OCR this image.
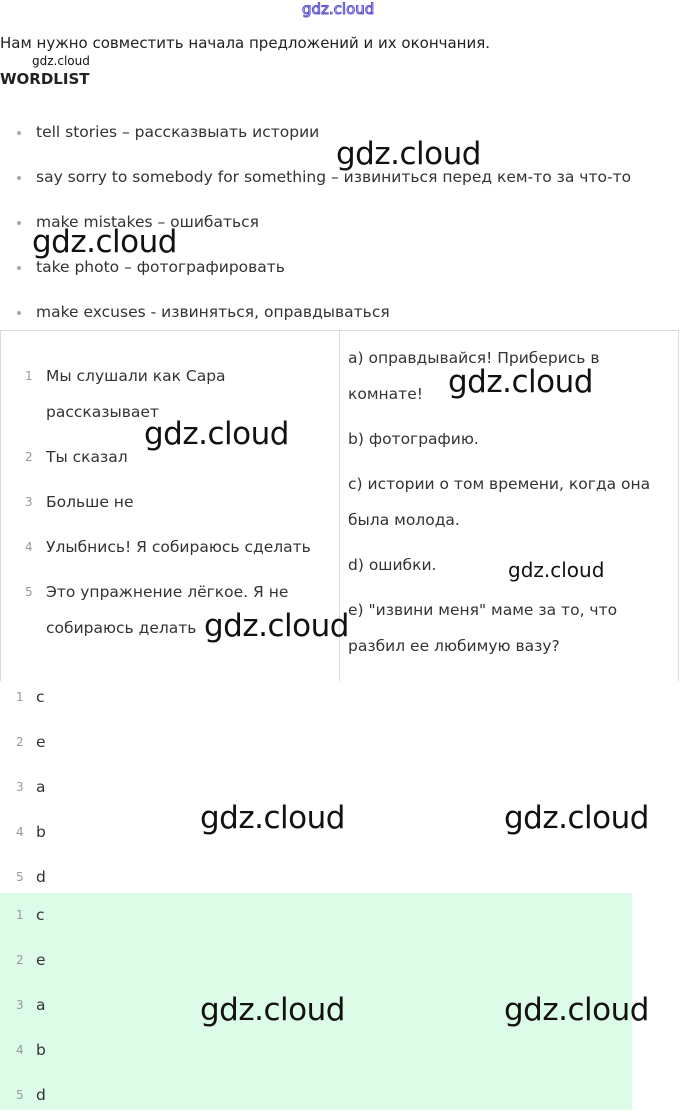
gdz.cloud
Нам нужно совместить начала предложений и их окончания.
gdz.cloud
WORDLIST
tell stories – рассказвыать истории
say sorry to somebody for something – извиниться перед кем-то за что-то
make mistakes – ошибаться
take photo – фотографировать
make excuses - извиняться, оправдываться
1 Мы слушали как Сара рассказывает
2 Ты сказал
3 Больше не
4 Улыбнись! Я собираюсь сделать
5 Это упражнение лёгкое. Я не собираюсь делать
a) оправдывайся! Приберись в комнате!
b) фотографию.
c) истории о том времени, когда она была молода.
d) ошибки.
e) "извини меня" маме за то, что разбил ее любимую вазу?
1 c
2 e
3 a
4 b
5 d
1 c
2 e
3 a
4 b
5 d
gdz.cloud
gdz.cloud
gdz.cloud
gdz.cloud
gdz.cloud
gdz.cloud
gdz.cloud	gdz.cloud
gdz.cloud	gdz.cloud
